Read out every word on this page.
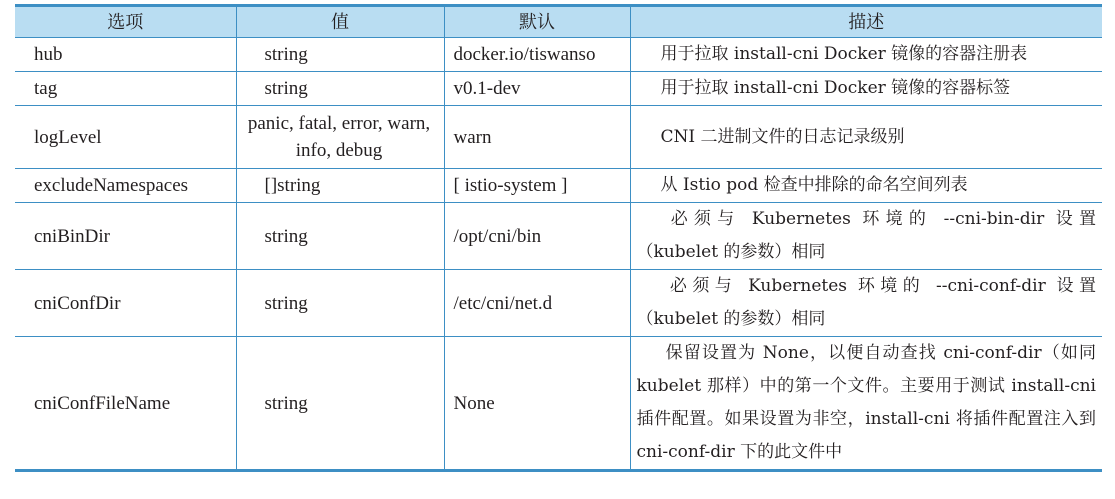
选项	值	默认	描述
hub	string	docker.io/tiswanso	用于拉取 install-cni Docker 镜像的容器注册表
tag	string	v0.1-dev	用于拉取 install-cni Docker 镜像的容器标签
logLevel	panic, fatal, error, warn, info, debug	warn	CNI 二进制文件的日志记录级别
excludeNamespaces	[]string	[ istio-system ]	从 Istio pod 检查中排除的命名空间列表
cniBinDir	string	/opt/cni/bin	必须与 Kubernetes 环境的 --cni-bin-dir 设置（kubelet 的参数）相同
cniConfDir	string	/etc/cni/net.d	必须与 Kubernetes 环境的 --cni-conf-dir 设置（kubelet 的参数）相同
cniConfFileName	string	None	保留设置为 None，以便自动查找 cni-conf-dir（如同 kubelet 那样）中的第一个文件。主要用于测试 install-cni 插件配置。如果设置为非空，install-cni 将插件配置注入到 cni-conf-dir 下的此文件中
